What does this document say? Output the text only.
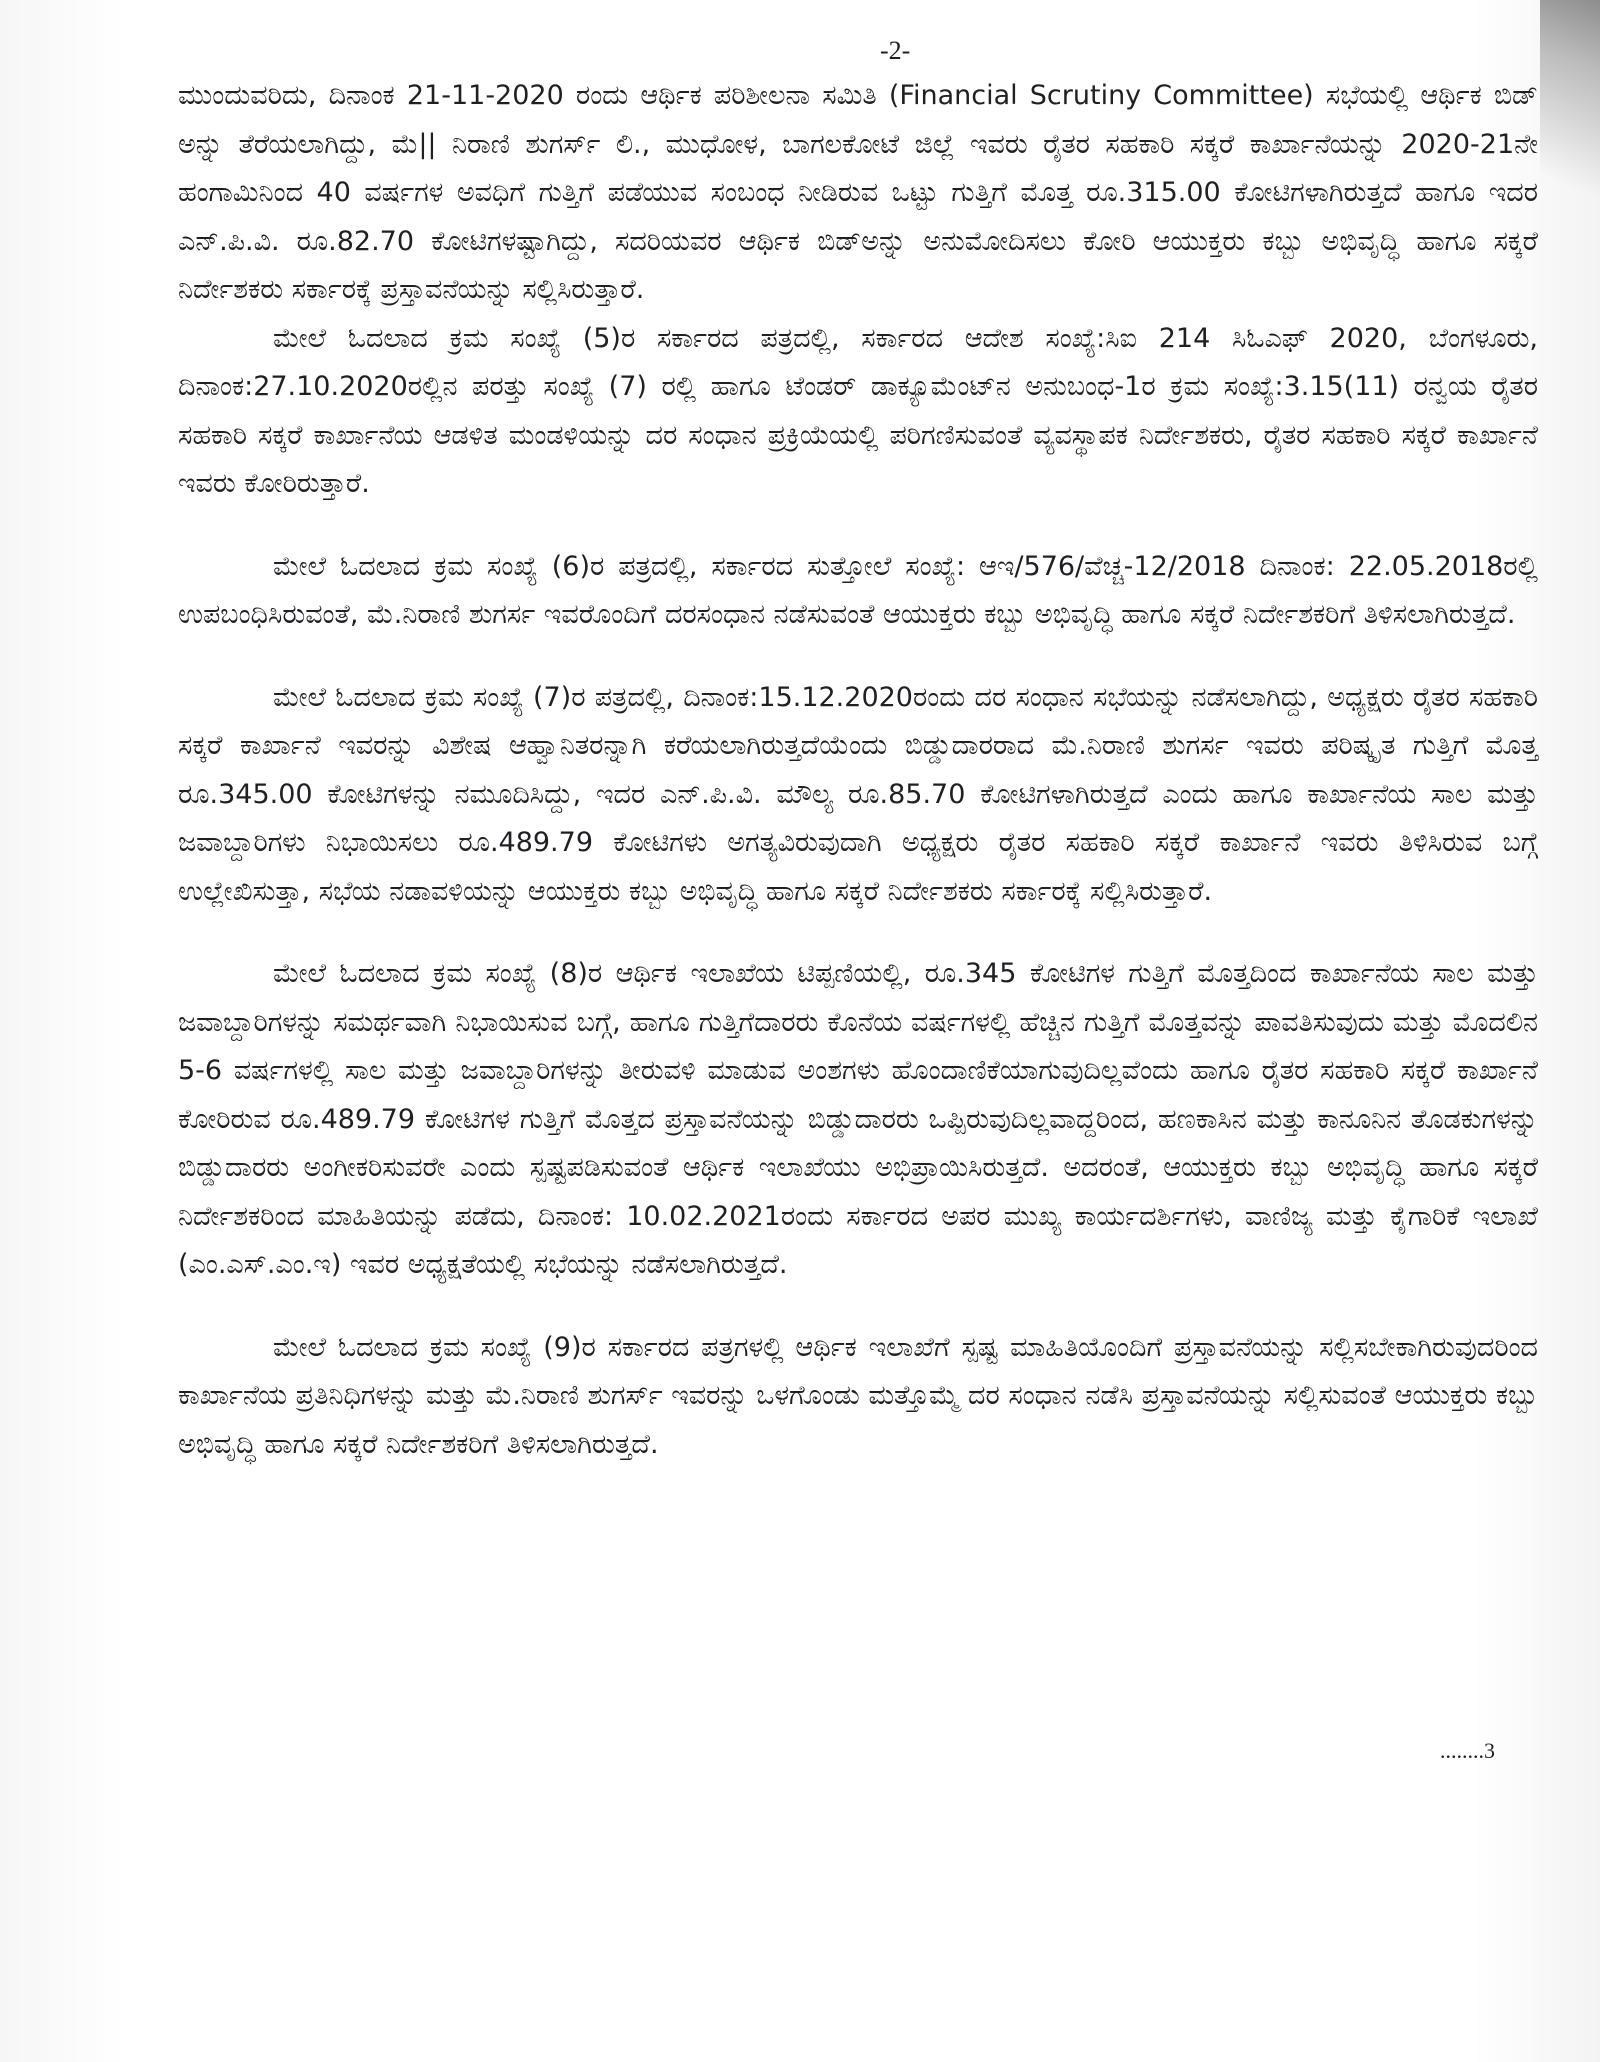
-2-

ಮುಂದುವರಿದು, ದಿನಾಂಕ 21-11-2020 ರಂದು ಆರ್ಥಿಕ ಪರಿಶೀಲನಾ ಸಮಿತಿ (Financial Scrutiny Committee) ಸಭೆಯಲ್ಲಿ ಆರ್ಥಿಕ ಬಿಡ್ ಅನ್ನು ತೆರೆಯಲಾಗಿದ್ದು, ಮೆ|| ನಿರಾಣಿ ಶುಗರ್ಸ್ ಲಿ., ಮುಧೋಳ, ಬಾಗಲಕೋಟೆ ಜಿಲ್ಲೆ ಇವರು ರೈತರ ಸಹಕಾರಿ ಸಕ್ಕರೆ ಕಾರ್ಖಾನೆಯನ್ನು 2020-21ನೇ ಹಂಗಾಮಿನಿಂದ 40 ವರ್ಷಗಳ ಅವಧಿಗೆ ಗುತ್ತಿಗೆ ಪಡೆಯುವ ಸಂಬಂಧ ನೀಡಿರುವ ಒಟ್ಟು ಗುತ್ತಿಗೆ ಮೊತ್ತ ರೂ.315.00 ಕೋಟಿಗಳಾಗಿರುತ್ತದೆ ಹಾಗೂ ಇದರ ಎನ್.ಪಿ.ವಿ. ರೂ.82.70 ಕೋಟಿಗಳಷ್ಟಾಗಿದ್ದು, ಸದರಿಯವರ ಆರ್ಥಿಕ ಬಿಡ್‌ಅನ್ನು ಅನುಮೋದಿಸಲು ಕೋರಿ ಆಯುಕ್ತರು ಕಬ್ಬು ಅಭಿವೃದ್ಧಿ ಹಾಗೂ ಸಕ್ಕರೆ ನಿರ್ದೇಶಕರು ಸರ್ಕಾರಕ್ಕೆ ಪ್ರಸ್ತಾವನೆಯನ್ನು ಸಲ್ಲಿಸಿರುತ್ತಾರೆ.

ಮೇಲೆ ಓದಲಾದ ಕ್ರಮ ಸಂಖ್ಯೆ (5)ರ ಸರ್ಕಾರದ ಪತ್ರದಲ್ಲಿ, ಸರ್ಕಾರದ ಆದೇಶ ಸಂಖ್ಯೆ:ಸಿಐ 214 ಸಿಓಎಫ್ 2020, ಬೆಂಗಳೂರು, ದಿನಾಂಕ:27.10.2020ರಲ್ಲಿನ ಪರತ್ತು ಸಂಖ್ಯೆ (7) ರಲ್ಲಿ ಹಾಗೂ ಟೆಂಡರ್ ಡಾಕ್ಯೂಮೆಂಟ್‌ನ ಅನುಬಂಧ-1ರ ಕ್ರಮ ಸಂಖ್ಯೆ:3.15(11) ರನ್ವಯ ರೈತರ ಸಹಕಾರಿ ಸಕ್ಕರೆ ಕಾರ್ಖಾನೆಯ ಆಡಳಿತ ಮಂಡಳಿಯನ್ನು ದರ ಸಂಧಾನ ಪ್ರಕ್ರಿಯೆಯಲ್ಲಿ ಪರಿಗಣಿಸುವಂತೆ ವ್ಯವಸ್ಥಾಪಕ ನಿರ್ದೇಶಕರು, ರೈತರ ಸಹಕಾರಿ ಸಕ್ಕರೆ ಕಾರ್ಖಾನೆ ಇವರು ಕೋರಿರುತ್ತಾರೆ.

ಮೇಲೆ ಓದಲಾದ ಕ್ರಮ ಸಂಖ್ಯೆ (6)ರ ಪತ್ರದಲ್ಲಿ, ಸರ್ಕಾರದ ಸುತ್ತೋಲೆ ಸಂಖ್ಯೆ: ಆಇ/576/ವೆಚ್ಚ-12/2018 ದಿನಾಂಕ: 22.05.2018ರಲ್ಲಿ ಉಪಬಂಧಿಸಿರುವಂತೆ, ಮೆ.ನಿರಾಣಿ ಶುಗರ್ಸ ಇವರೊಂದಿಗೆ ದರಸಂಧಾನ ನಡೆಸುವಂತೆ ಆಯುಕ್ತರು ಕಬ್ಬು ಅಭಿವೃದ್ಧಿ ಹಾಗೂ ಸಕ್ಕರೆ ನಿರ್ದೇಶಕರಿಗೆ ತಿಳಿಸಲಾಗಿರುತ್ತದೆ.

ಮೇಲೆ ಓದಲಾದ ಕ್ರಮ ಸಂಖ್ಯೆ (7)ರ ಪತ್ರದಲ್ಲಿ, ದಿನಾಂಕ:15.12.2020ರಂದು ದರ ಸಂಧಾನ ಸಭೆಯನ್ನು ನಡೆಸಲಾಗಿದ್ದು, ಅಧ್ಯಕ್ಷರು ರೈತರ ಸಹಕಾರಿ ಸಕ್ಕರೆ ಕಾರ್ಖಾನೆ ಇವರನ್ನು ವಿಶೇಷ ಆಹ್ವಾನಿತರನ್ನಾಗಿ ಕರೆಯಲಾಗಿರುತ್ತದೆಯೆಂದು ಬಿಡ್ಡುದಾರರಾದ ಮೆ.ನಿರಾಣಿ ಶುಗರ್ಸ ಇವರು ಪರಿಷ್ಕೃತ ಗುತ್ತಿಗೆ ಮೊತ್ತ ರೂ.345.00 ಕೋಟಿಗಳನ್ನು ನಮೂದಿಸಿದ್ದು, ಇದರ ಎನ್.ಪಿ.ವಿ. ಮೌಲ್ಯ ರೂ.85.70 ಕೋಟಿಗಳಾಗಿರುತ್ತದೆ ಎಂದು ಹಾಗೂ ಕಾರ್ಖಾನೆಯ ಸಾಲ ಮತ್ತು ಜವಾಬ್ದಾರಿಗಳು ನಿಭಾಯಿಸಲು ರೂ.489.79 ಕೋಟಿಗಳು ಅಗತ್ಯವಿರುವುದಾಗಿ ಅಧ್ಯಕ್ಷರು ರೈತರ ಸಹಕಾರಿ ಸಕ್ಕರೆ ಕಾರ್ಖಾನೆ ಇವರು ತಿಳಿಸಿರುವ ಬಗ್ಗೆ ಉಲ್ಲೇಖಿಸುತ್ತಾ, ಸಭೆಯ ನಡಾವಳಿಯನ್ನು ಆಯುಕ್ತರು ಕಬ್ಬು ಅಭಿವೃದ್ಧಿ ಹಾಗೂ ಸಕ್ಕರೆ ನಿರ್ದೇಶಕರು ಸರ್ಕಾರಕ್ಕೆ ಸಲ್ಲಿಸಿರುತ್ತಾರೆ.

ಮೇಲೆ ಓದಲಾದ ಕ್ರಮ ಸಂಖ್ಯೆ (8)ರ ಆರ್ಥಿಕ ಇಲಾಖೆಯ ಟಿಪ್ಪಣಿಯಲ್ಲಿ, ರೂ.345 ಕೋಟಿಗಳ ಗುತ್ತಿಗೆ ಮೊತ್ತದಿಂದ ಕಾರ್ಖಾನೆಯ ಸಾಲ ಮತ್ತು ಜವಾಬ್ದಾರಿಗಳನ್ನು ಸಮರ್ಥವಾಗಿ ನಿಭಾಯಿಸುವ ಬಗ್ಗೆ, ಹಾಗೂ ಗುತ್ತಿಗೆದಾರರು ಕೊನೆಯ ವರ್ಷಗಳಲ್ಲಿ ಹೆಚ್ಚಿನ ಗುತ್ತಿಗೆ ಮೊತ್ತವನ್ನು ಪಾವತಿಸುವುದು ಮತ್ತು ಮೊದಲಿನ 5-6 ವರ್ಷಗಳಲ್ಲಿ ಸಾಲ ಮತ್ತು ಜವಾಬ್ದಾರಿಗಳನ್ನು ತೀರುವಳಿ ಮಾಡುವ ಅಂಶಗಳು ಹೊಂದಾಣಿಕೆಯಾಗುವುದಿಲ್ಲವೆಂದು ಹಾಗೂ ರೈತರ ಸಹಕಾರಿ ಸಕ್ಕರೆ ಕಾರ್ಖಾನೆ ಕೋರಿರುವ ರೂ.489.79 ಕೋಟಿಗಳ ಗುತ್ತಿಗೆ ಮೊತ್ತದ ಪ್ರಸ್ತಾವನೆಯನ್ನು ಬಿಡ್ಡುದಾರರು ಒಪ್ಪಿರುವುದಿಲ್ಲವಾದ್ದರಿಂದ, ಹಣಕಾಸಿನ ಮತ್ತು ಕಾನೂನಿನ ತೊಡಕುಗಳನ್ನು ಬಿಡ್ಡುದಾರರು ಅಂಗೀಕರಿಸುವರೇ ಎಂದು ಸ್ಪಷ್ಟಪಡಿಸುವಂತೆ ಆರ್ಥಿಕ ಇಲಾಖೆಯು ಅಭಿಪ್ರಾಯಿಸಿರುತ್ತದೆ. ಅದರಂತೆ, ಆಯುಕ್ತರು ಕಬ್ಬು ಅಭಿವೃದ್ಧಿ ಹಾಗೂ ಸಕ್ಕರೆ ನಿರ್ದೇಶಕರಿಂದ ಮಾಹಿತಿಯನ್ನು ಪಡೆದು, ದಿನಾಂಕ: 10.02.2021ರಂದು ಸರ್ಕಾರದ ಅಪರ ಮುಖ್ಯ ಕಾರ್ಯದರ್ಶಿಗಳು, ವಾಣಿಜ್ಯ ಮತ್ತು ಕೈಗಾರಿಕೆ ಇಲಾಖೆ (ಎಂ.ಎಸ್.ಎಂ.ಇ) ಇವರ ಅಧ್ಯಕ್ಷತೆಯಲ್ಲಿ ಸಭೆಯನ್ನು ನಡೆಸಲಾಗಿರುತ್ತದೆ.

ಮೇಲೆ ಓದಲಾದ ಕ್ರಮ ಸಂಖ್ಯೆ (9)ರ ಸರ್ಕಾರದ ಪತ್ರಗಳಲ್ಲಿ ಆರ್ಥಿಕ ಇಲಾಖೆಗೆ ಸ್ಪಷ್ಟ ಮಾಹಿತಿಯೊಂದಿಗೆ ಪ್ರಸ್ತಾವನೆಯನ್ನು ಸಲ್ಲಿಸಬೇಕಾಗಿರುವುದರಿಂದ ಕಾರ್ಖಾನೆಯ ಪ್ರತಿನಿಧಿಗಳನ್ನು ಮತ್ತು ಮೆ.ನಿರಾಣಿ ಶುಗರ್ಸ್ ಇವರನ್ನು ಒಳಗೊಂಡು ಮತ್ತೊಮ್ಮೆ ದರ ಸಂಧಾನ ನಡೆಸಿ ಪ್ರಸ್ತಾವನೆಯನ್ನು ಸಲ್ಲಿಸುವಂತೆ ಆಯುಕ್ತರು ಕಬ್ಬು ಅಭಿವೃದ್ಧಿ ಹಾಗೂ ಸಕ್ಕರೆ ನಿರ್ದೇಶಕರಿಗೆ ತಿಳಿಸಲಾಗಿರುತ್ತದೆ.

........3
